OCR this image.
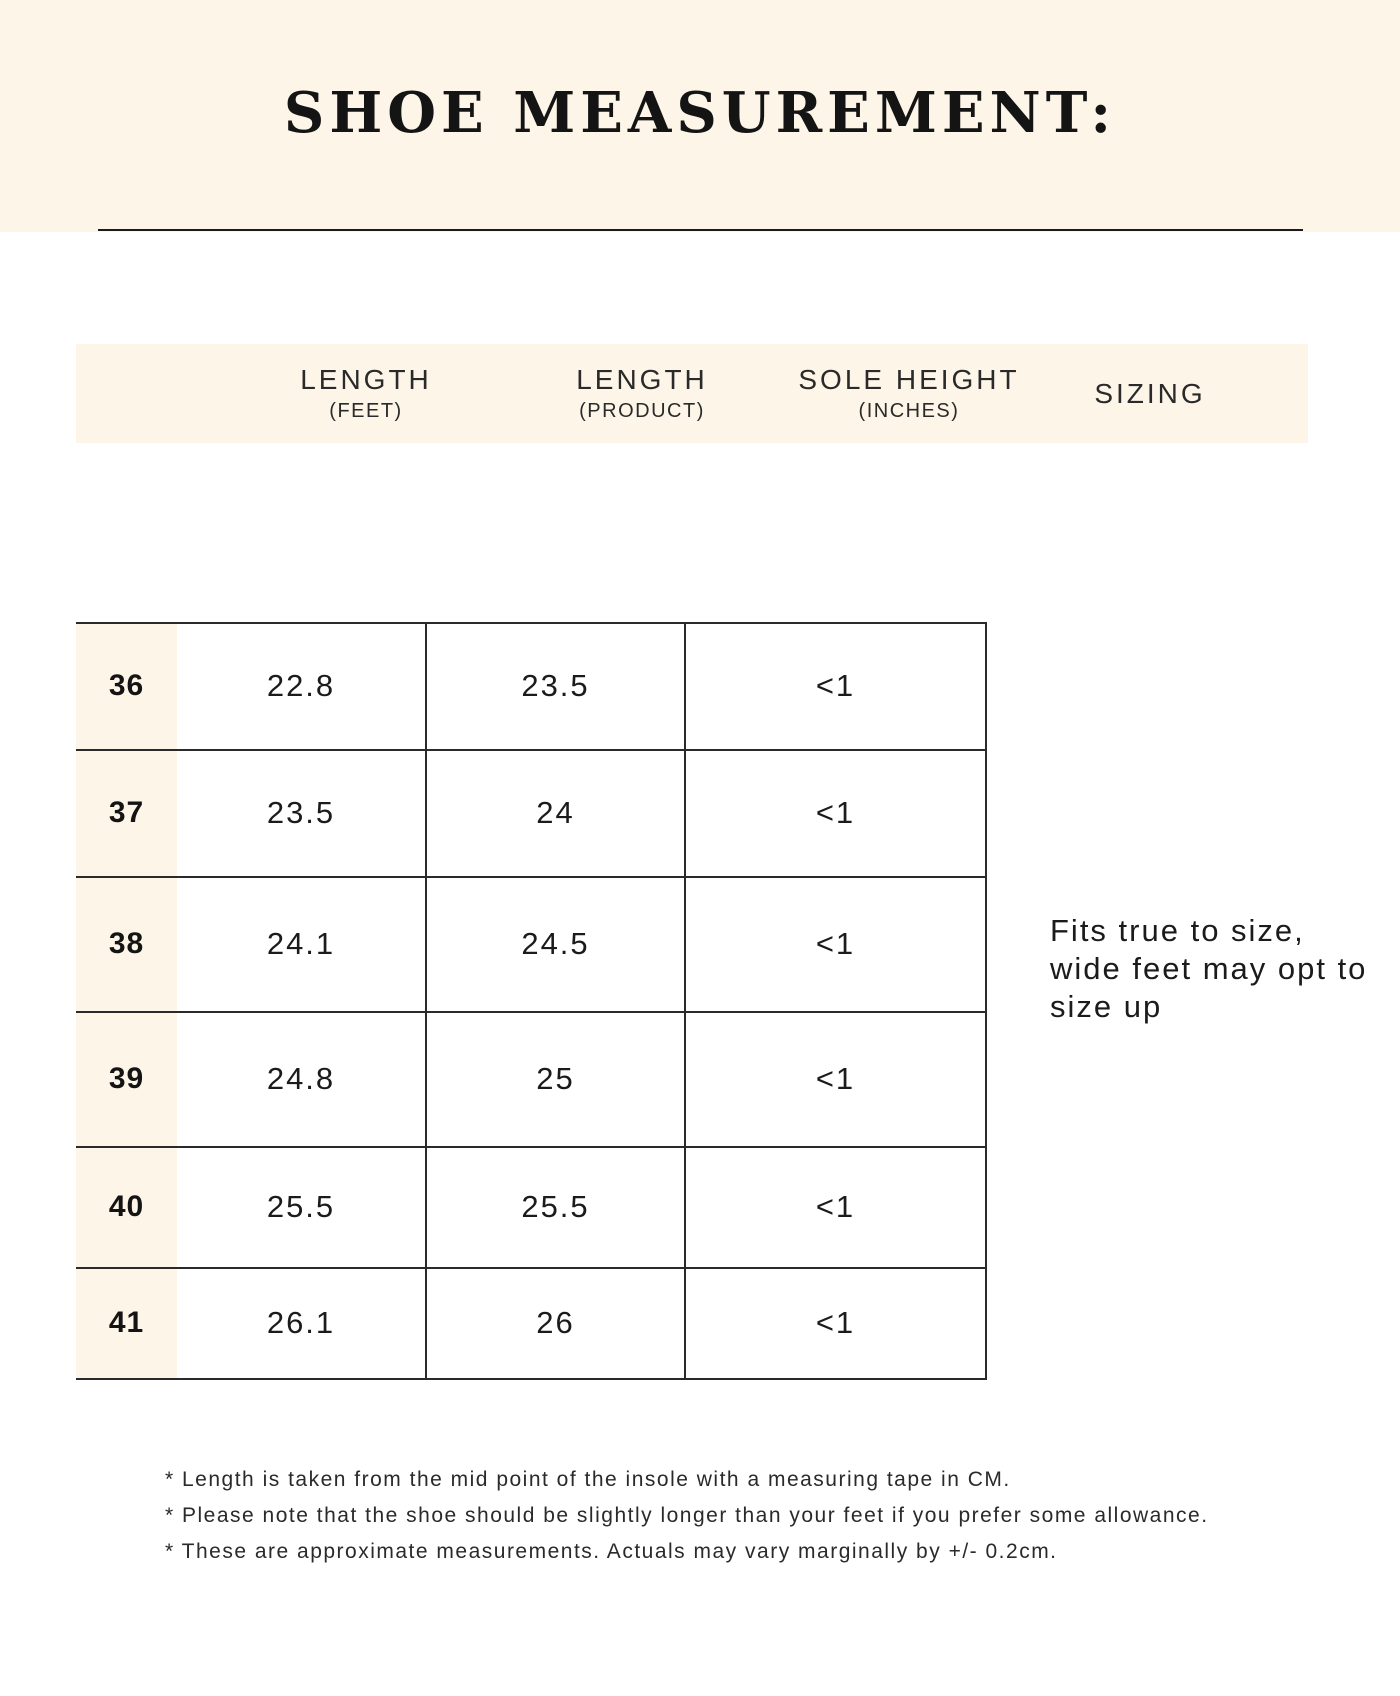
SHOE MEASUREMENT:
LENGTH
(FEET)
LENGTH
(PRODUCT)
SOLE HEIGHT
(INCHES)
SIZING
36	22.8	23.5	<1
37	23.5	24	<1
38	24.1	24.5	<1
39	24.8	25	<1
40	25.5	25.5	<1
41	26.1	26	<1
Fits true to size, wide feet may opt to size up
* Length is taken from the mid point of the insole with a measuring tape in CM.
* Please note that the shoe should be slightly longer than your feet if you prefer some allowance.
* These are approximate measurements. Actuals may vary marginally by +/- 0.2cm.
